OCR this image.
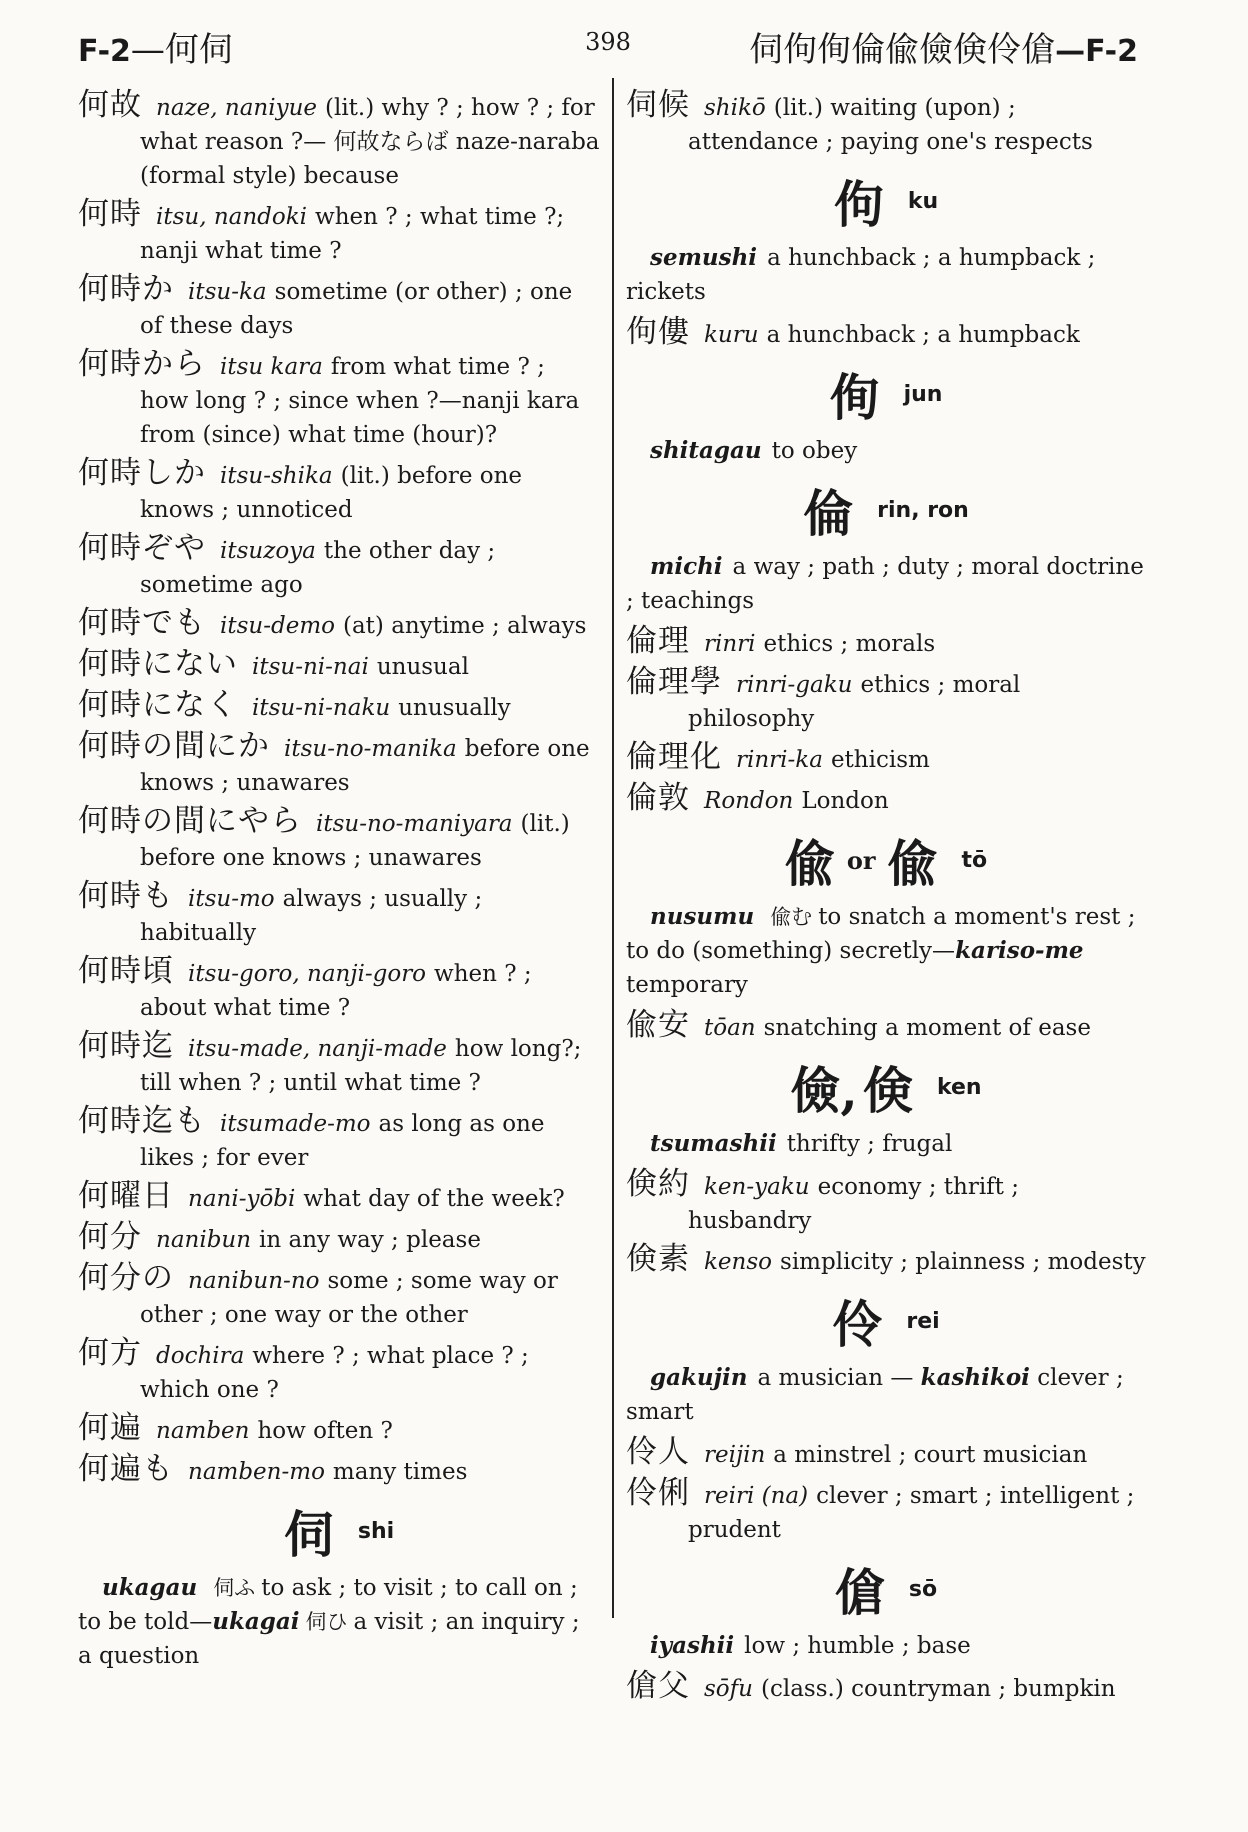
F-2—何伺	398	伺佝侚倫偸儉倹伶傖—F-2
何故 naze, naniyue (lit.) why ? ; how ? ; for what reason ?— 何故ならば naze-naraba (formal style) because
何時 itsu, nandoki when ? ; what time ?; nanji what time ?
何時か itsu-ka sometime (or other) ; one of these days
何時から itsu kara from what time ? ; how long ? ; since when ?—nanji kara from (since) what time (hour)?
何時しか itsu-shika (lit.) before one knows ; unnoticed
何時ぞや itsuzoya the other day ; sometime ago
何時でも itsu-demo (at) anytime ; always
何時にない itsu-ni-nai unusual
何時になく itsu-ni-naku unusually
何時の間にか itsu-no-manika before one knows ; unawares
何時の間にやら itsu-no-maniyara (lit.) before one knows ; unawares
何時も itsu-mo always ; usually ; habitually
何時頃 itsu-goro, nanji-goro when ? ; about what time ?
何時迄 itsu-made, nanji-made how long?; till when ? ; until what time ?
何時迄も itsumade-mo as long as one likes ; for ever
何曜日 nani-yōbi what day of the week?
何分 nanibun in any way ; please
何分の nanibun-no some ; some way or other ; one way or the other
何方 dochira where ? ; what place ? ; which one ?
何遍 namben how often ?
何遍も namben-mo many times
伺 shi
ukagau 伺ふ to ask ; to visit ; to call on ; to be told—ukagai 伺ひ a visit ; an inquiry ; a question
伺候 shikō (lit.) waiting (upon) ; attendance ; paying one's respects
佝 ku
semushi a hunchback ; a humpback ; rickets
佝僂 kuru a hunchback ; a humpback
侚 jun
shitagau to obey
倫 rin, ron
michi a way ; path ; duty ; moral doctrine ; teachings
倫理 rinri ethics ; morals
倫理學 rinri-gaku ethics ; moral philosophy
倫理化 rinri-ka ethicism
倫敦 Rondon London
偸or 偸 tō
nusumu 偸む to snatch a moment's rest ; to do (something) secretly—kariso-me temporary
偸安 tōan snatching a moment of ease
儉, 倹 ken
tsumashii thrifty ; frugal
倹約 ken-yaku economy ; thrift ; husbandry
倹素 kenso simplicity ; plainness ; modesty
伶 rei
gakujin a musician — kashikoi clever ; smart
伶人 reijin a minstrel ; court musician
伶俐 reiri (na) clever ; smart ; intelligent ; prudent
傖 sō
iyashii low ; humble ; base
傖父 sōfu (class.) countryman ; bumpkin
